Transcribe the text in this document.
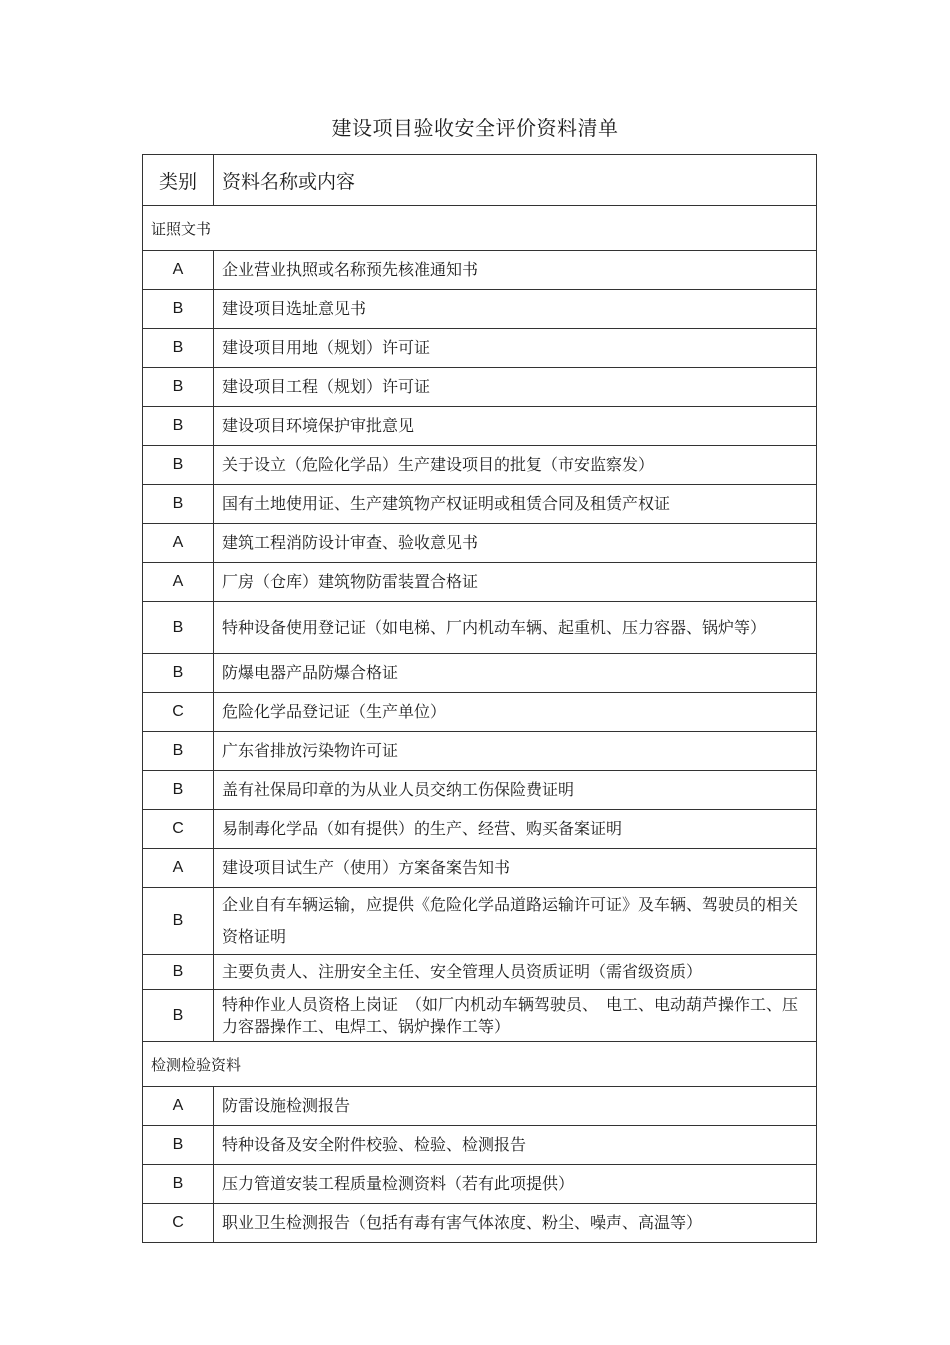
建设项目验收安全评价资料清单
类别	资料名称或内容
证照文书	
A	企业营业执照或名称预先核准通知书
B	建设项目选址意见书
B	建设项目用地（规划）许可证
B	建设项目工程（规划）许可证
B	建设项目环境保护审批意见
B	关于设立（危险化学品）生产建设项目的批复（市安监察发）
B	国有土地使用证、生产建筑物产权证明或租赁合同及租赁产权证
A	建筑工程消防设计审查、验收意见书
A	厂房（仓库）建筑物防雷装置合格证
B	特种设备使用登记证（如电梯、厂内机动车辆、起重机、压力容器、锅炉等）
B	防爆电器产品防爆合格证
C	危险化学品登记证（生产单位）
B	广东省排放污染物许可证
B	盖有社保局印章的为从业人员交纳工伤保险费证明
C	易制毒化学品（如有提供）的生产、经营、购买备案证明
A	建设项目试生产（使用）方案备案告知书
B	企业自有车辆运输，应提供《危险化学品道路运输许可证》及车辆、驾驶员的相关资格证明
B	主要负责人、注册安全主任、安全管理人员资质证明（需省级资质）
B	特种作业人员资格上岗证　（如厂内机动车辆驾驶员、　电工、电动葫芦操作工、压力容器操作工、电焊工、锅炉操作工等）
检测检验资料	
A	防雷设施检测报告
B	特种设备及安全附件校验、检验、检测报告
B	压力管道安装工程质量检测资料（若有此项提供）
C	职业卫生检测报告（包括有毒有害气体浓度、粉尘、噪声、高温等）
